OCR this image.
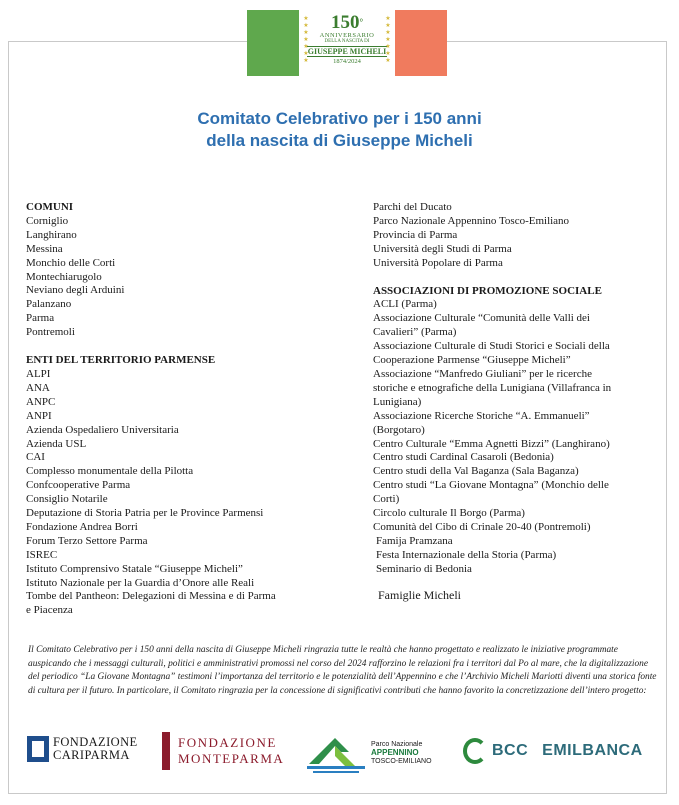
★
★
★
★
★
★
★
★
★
★
★
★
★
★
150°
ANNIVERSARIO
DELLA NASCITA DI
GIUSEPPE MICHELI
1874/2024
Comitato Celebrativo per i 150 anni
della nascita di Giuseppe Micheli
COMUNI
Corniglio
Langhirano
Messina
Monchio delle Corti
Montechiarugolo
Neviano degli Arduini
Palanzano
Parma
Pontremoli
ENTI DEL TERRITORIO PARMENSE
ALPI
ANA
ANPC
ANPI
Azienda Ospedaliero Universitaria
Azienda USL
CAI
Complesso monumentale della Pilotta
Confcooperative Parma
Consiglio Notarile
Deputazione di Storia Patria per le Province Parmensi
Fondazione Andrea Borri
Forum Terzo Settore Parma
ISREC
Istituto Comprensivo Statale “Giuseppe Micheli”
Istituto Nazionale per la Guardia d’Onore alle Reali
Tombe del Pantheon: Delegazioni di Messina e di Parma
e Piacenza
Parchi del Ducato
Parco Nazionale Appennino Tosco-Emiliano
Provincia di Parma
Università degli Studi di Parma
Università Popolare di Parma
ASSOCIAZIONI DI PROMOZIONE SOCIALE
ACLI (Parma)
Associazione Culturale “Comunità delle Valli dei
Cavalieri” (Parma)
Associazione Culturale di Studi Storici e Sociali della
Cooperazione Parmense “Giuseppe Micheli”
Associazione “Manfredo Giuliani” per le ricerche
storiche e etnografiche della Lunigiana (Villafranca in
Lunigiana)
Associazione Ricerche Storiche “A. Emmanueli”
(Borgotaro)
Centro Culturale “Emma Agnetti Bizzi” (Langhirano)
Centro studi Cardinal Casaroli (Bedonia)
Centro studi della Val Baganza (Sala Baganza)
Centro studi “La Giovane Montagna” (Monchio delle
Corti)
Circolo culturale Il Borgo (Parma)
Comunità del Cibo di Crinale 20-40 (Pontremoli)
Famija Pramzana
Festa Internazionale della Storia (Parma)
Seminario di Bedonia
Famiglie Micheli
Il Comitato Celebrativo per i 150 anni della nascita di Giuseppe Micheli ringrazia tutte le realtà che hanno progettato e realizzato le iniziative programmate auspicando che i messaggi culturali, politici e amministrativi promossi nel corso del 2024 rafforzino le relazioni fra i territori dal Po al mare, che la digitalizzazione del periodico “La Giovane Montagna” testimoni l’importanza del territorio e le potenzialità dell’Appennino e che l’Archivio Micheli Mariotti diventi una storica fonte di cultura per il futuro. In particolare, il Comitato ringrazia per la concessione di significativi contributi che hanno favorito la concretizzazione dell’intero progetto:
FONDAZIONE
CARIPARMA
FONDAZIONE
MONTEPARMA
Parco Nazionale
APPENNINO
TOSCO-EMILIANO
BCC EMILBANCA
